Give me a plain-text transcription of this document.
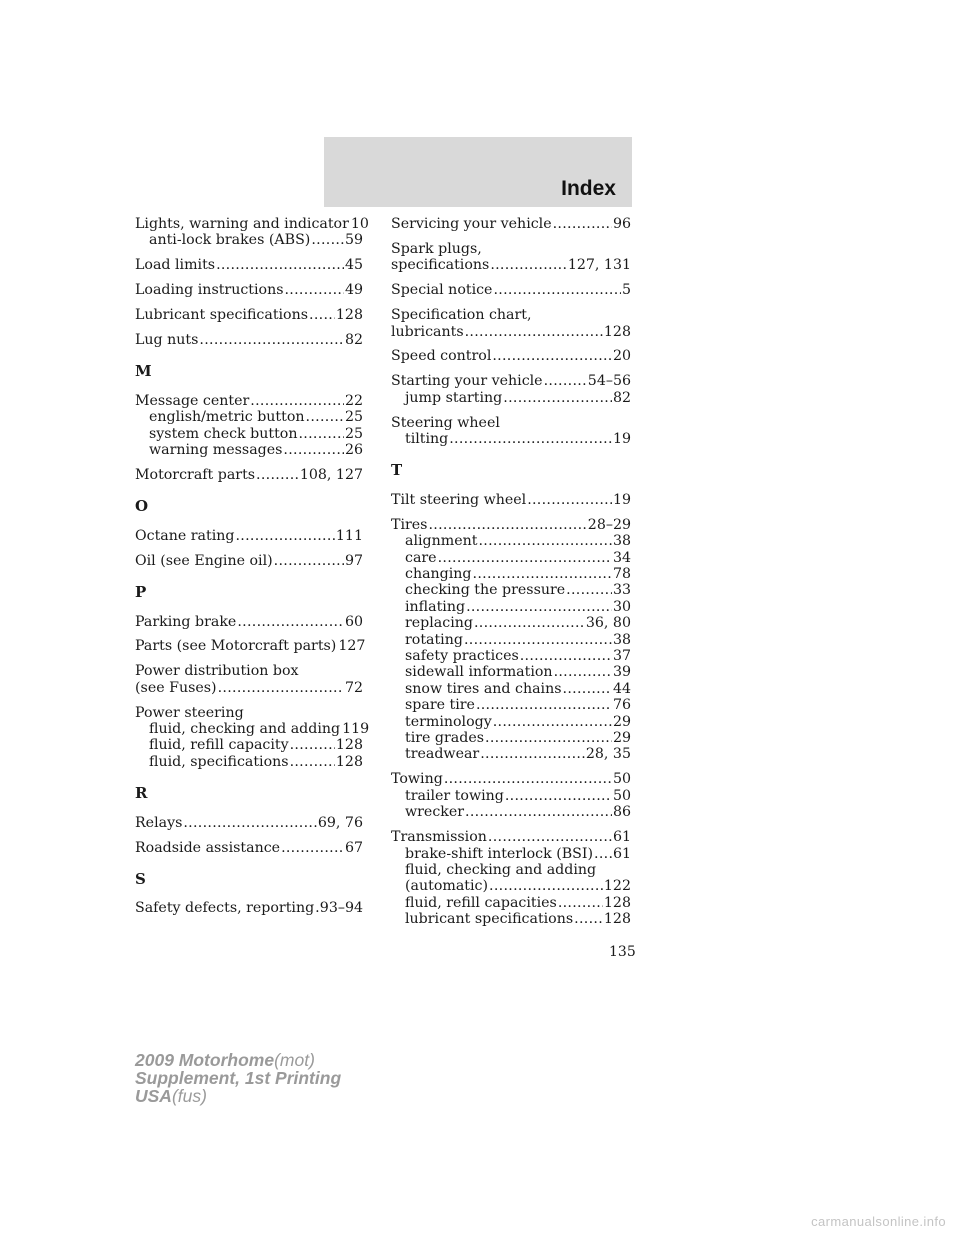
Index
Lights, warning and indicator 10
anti-lock brakes (ABS) ..... 59
Load limits .....	45
Loading instructions .....	49
Lubricant specifications ..... 128
Lug nuts .....	82
M
Message center .....	22
english/metric button .....	25
system check button .....	25
warning messages .....	26
Motorcraft parts .....	108, 127
O
Octane rating .....	111
Oil (see Engine oil) .....	97
P
Parking brake .....	60
Parts (see Motorcraft parts) 127
Power distribution box
(see Fuses) .....	72
Power steering
fluid, checking and adding 119
fluid, refill capacity .....	128
fluid, specifications .....	128
R
Relays .....	69, 76
Roadside assistance .....	67
S
Safety defects, reporting ..... 93–94
Servicing your vehicle .....	96
Spark plugs,
specifications .....	127, 131
Special notice .....	5
Specification chart,
lubricants .....	128
Speed control .....	20
Starting your vehicle .....	54–56
jump starting .....	82
Steering wheel
tilting .....	19
T
Tilt steering wheel .....	19
Tires .....	28–29
alignment .....	38
care .....	34
changing .....	78
checking the pressure .....	33
inflating .....	30
replacing .....	36, 80
rotating .....	38
safety practices .....	37
sidewall information .....	39
snow tires and chains .....	44
spare tire .....	76
terminology .....	29
tire grades .....	29
treadwear .....	28, 35
Towing .....	50
trailer towing .....	50
wrecker .....	86
Transmission .....	61
brake-shift interlock (BSI) ..... 61
fluid, checking and adding
(automatic) .....	122
fluid, refill capacities .....	128
lubricant specifications ..... 128
135
2009 Motorhome(mot)
Supplement, 1st Printing
USA(fus)
carmanualsonline.info
